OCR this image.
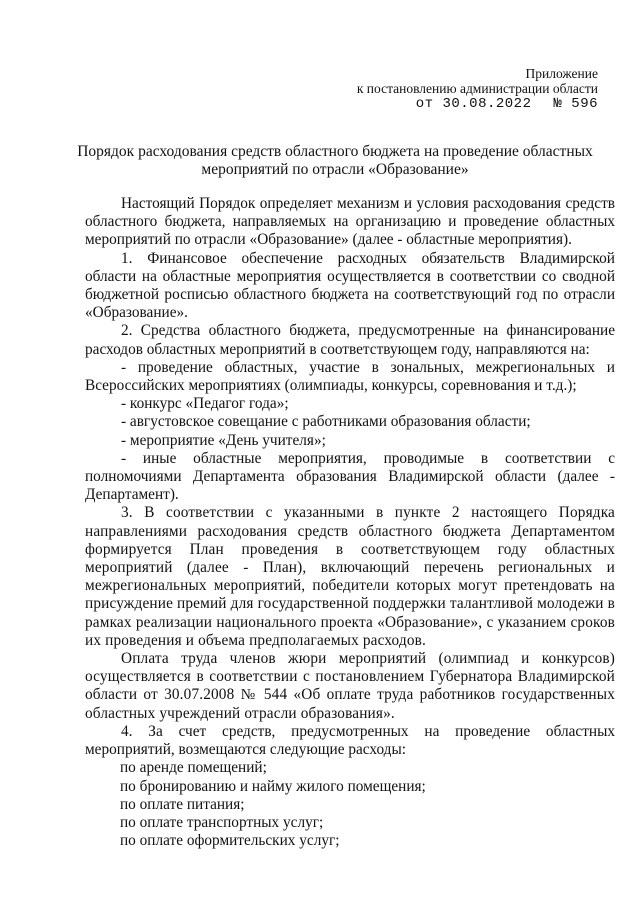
Приложение
к постановлению администрации области
от 30.08.2022 № 596
Порядок расходования средств областного бюджета на проведение областных мероприятий по отрасли «Образование»

Настоящий Порядок определяет механизм и условия расходования средств областного бюджета, направляемых на организацию и проведение областных мероприятий по отрасли «Образование» (далее - областные мероприятия).

1. Финансовое обеспечение расходных обязательств Владимирской области на областные мероприятия осуществляется в соответствии со сводной бюджетной росписью областного бюджета на соответствующий год по отрасли «Образование».

2. Средства областного бюджета, предусмотренные на финансирование расходов областных мероприятий в соответствующем году, направляются на:

- проведение областных, участие в зональных, межрегиональных и Всероссийских мероприятиях (олимпиады, конкурсы, соревнования и т.д.);

- конкурс «Педагог года»;

- августовское совещание с работниками образования области;

- мероприятие «День учителя»;

- иные областные мероприятия, проводимые в соответствии с полномочиями Департамента образования Владимирской области (далее - Департамент).

3. В соответствии с указанными в пункте 2 настоящего Порядка направлениями расходования средств областного бюджета Департаментом формируется План проведения в соответствующем году областных мероприятий (далее - План), включающий перечень региональных и межрегиональных мероприятий, победители которых могут претендовать на присуждение премий для государственной поддержки талантливой молодежи в рамках реализации национального проекта «Образование», с указанием сроков их проведения и объема предполагаемых расходов.

Оплата труда членов жюри мероприятий (олимпиад и конкурсов) осуществляется в соответствии с постановлением Губернатора Владимирской области от 30.07.2008 № 544 «Об оплате труда работников государственных областных учреждений отрасли образования».

4. За счет средств, предусмотренных на проведение областных мероприятий, возмещаются следующие расходы:

по аренде помещений;

по бронированию и найму жилого помещения;

по оплате питания;

по оплате транспортных услуг;

по оплате оформительских услуг;
